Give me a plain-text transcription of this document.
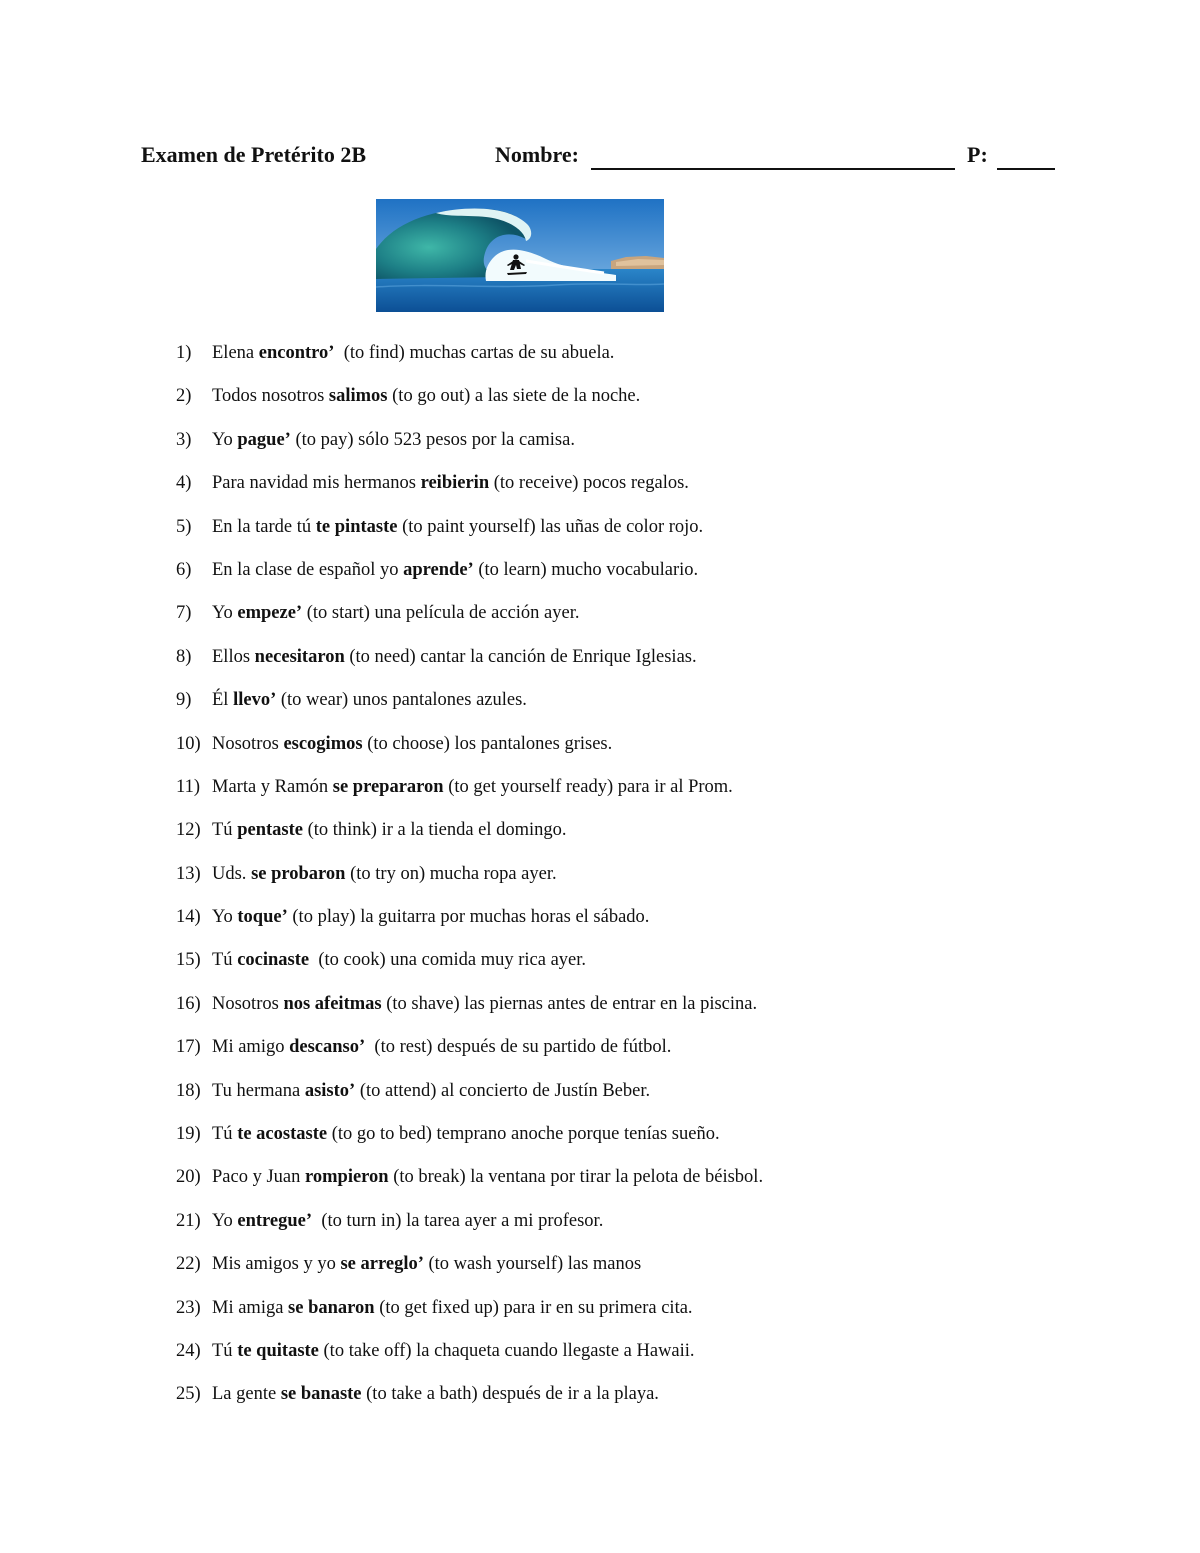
Examen de Pretérito 2B	Nombre:	P:
1) Elena encontro’  (to find) muchas cartas de su abuela.
2) Todos nosotros salimos (to go out) a las siete de la noche.
3) Yo pague’ (to pay) sólo 523 pesos por la camisa.
4) Para navidad mis hermanos reibierin (to receive) pocos regalos.
5) En la tarde tú te pintaste (to paint yourself) las uñas de color rojo.
6) En la clase de español yo aprende’ (to learn) mucho vocabulario.
7) Yo empeze’ (to start) una película de acción ayer.
8) Ellos necesitaron (to need) cantar la canción de Enrique Iglesias.
9) Él llevo’ (to wear) unos pantalones azules.
10) Nosotros escogimos (to choose) los pantalones grises.
11) Marta y Ramón se prepararon (to get yourself ready) para ir al Prom.
12) Tú pentaste (to think) ir a la tienda el domingo.
13) Uds. se probaron (to try on) mucha ropa ayer.
14) Yo toque’ (to play) la guitarra por muchas horas el sábado.
15) Tú cocinaste  (to cook) una comida muy rica ayer.
16) Nosotros nos afeitmas (to shave) las piernas antes de entrar en la piscina.
17) Mi amigo descanso’  (to rest) después de su partido de fútbol.
18) Tu hermana asisto’ (to attend) al concierto de Justín Beber.
19) Tú te acostaste (to go to bed) temprano anoche porque tenías sueño.
20) Paco y Juan rompieron (to break) la ventana por tirar la pelota de béisbol.
21) Yo entregue’  (to turn in) la tarea ayer a mi profesor.
22) Mis amigos y yo se arreglo’ (to wash yourself) las manos
23) Mi amiga se banaron (to get fixed up) para ir en su primera cita.
24) Tú te quitaste (to take off) la chaqueta cuando llegaste a Hawaii.
25) La gente se banaste (to take a bath) después de ir a la playa.
